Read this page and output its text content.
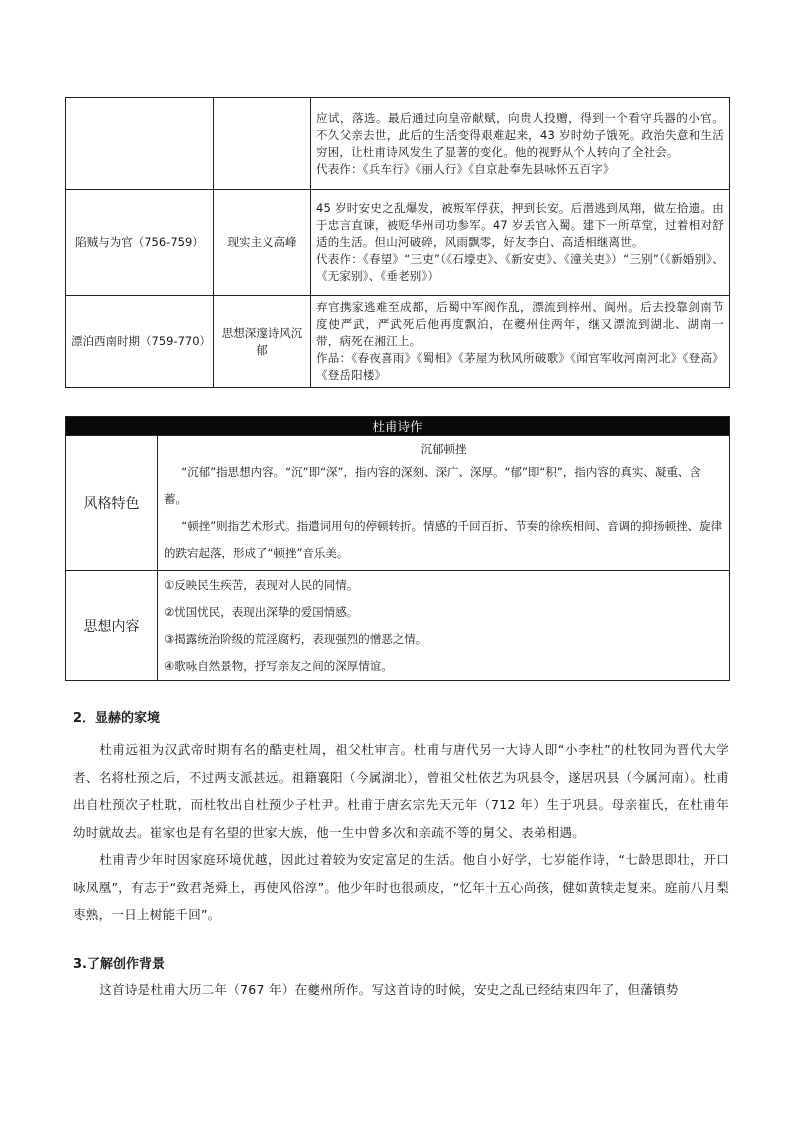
		应试，落选。最后通过向皇帝献赋，向贵人投赠，得到一个看守兵器的小官。不久父亲去世，此后的生活变得艰难起来，43 岁时幼子饿死。政治失意和生活穷困，让杜甫诗风发生了显著的变化。他的视野从个人转向了全社会。

代表作：《兵车行》《丽人行》《自京赴奉先县咏怀五百字》

陷贼与为官（756-759）	现实主义高峰	45 岁时安史之乱爆发，被叛军俘获，押到长安。后潜逃到凤翔，做左拾遗。由于忠言直谏，被贬华州司功参军。47 岁丢官入蜀。建下一所草堂，过着相对舒适的生活。但山河破碎，风雨飘零，好友李白、高适相继离世。

代表作：《春望》“三吏”（《石壕吏》、《新安吏》、《潼关吏》）“三别”（《新婚别》、《无家别》、《垂老别》）

漂泊西南时期（759-770）	思想深邃诗风沉郁	弃官携家逃难至成都，后蜀中军阀作乱，漂流到梓州、阆州。后去投靠剑南节度使严武，严武死后他再度飘泊，在夔州住两年，继又漂流到湖北、湖南一带，病死在湘江上。

作品：《春夜喜雨》《蜀相》《茅屋为秋风所破歌》《闻官军收河南河北》《登高》《登岳阳楼》

杜甫诗作	
风格特色	沉郁顿挫

“沉郁”指思想内容。“沉”即“深”，指内容的深刻、深广、深厚。“郁”即“积”，指内容的真实、凝重、含蓄。

“顿挫”则指艺术形式。指遣词用句的停顿转折。情感的千回百折、节奏的徐疾相间、音调的抑扬顿挫、旋律的跌宕起落，形成了“顿挫”音乐美。

思想内容	①反映民生疾苦，表现对人民的同情。

②忧国忧民，表现出深挚的爱国情感。

③揭露统治阶级的荒淫腐朽，表现强烈的憎恶之情。

④歌咏自然景物，抒写亲友之间的深厚情谊。

2．显赫的家境

杜甫远祖为汉武帝时期有名的酷吏杜周，祖父杜审言。杜甫与唐代另一大诗人即“小李杜”的杜牧同为晋代大学者、名将杜预之后，不过两支派甚远。祖籍襄阳（今属湖北），曾祖父杜依艺为巩县令，遂居巩县（今属河南）。杜甫出自杜预次子杜耽，而杜牧出自杜预少子杜尹。杜甫于唐玄宗先天元年（712 年）生于巩县。母亲崔氏，在杜甫年幼时就故去。崔家也是有名望的世家大族，他一生中曾多次和亲疏不等的舅父、表弟相遇。

杜甫青少年时因家庭环境优越，因此过着较为安定富足的生活。他自小好学，七岁能作诗，“七龄思即壮，开口咏凤凰”，有志于“致君尧舜上，再使风俗淳”。他少年时也很顽皮，“忆年十五心尚孩，健如黄犊走复来。庭前八月梨枣熟，一日上树能千回”。

3.了解创作背景

这首诗是杜甫大历二年（767 年）在夔州所作。写这首诗的时候，安史之乱已经结束四年了，但藩镇势
